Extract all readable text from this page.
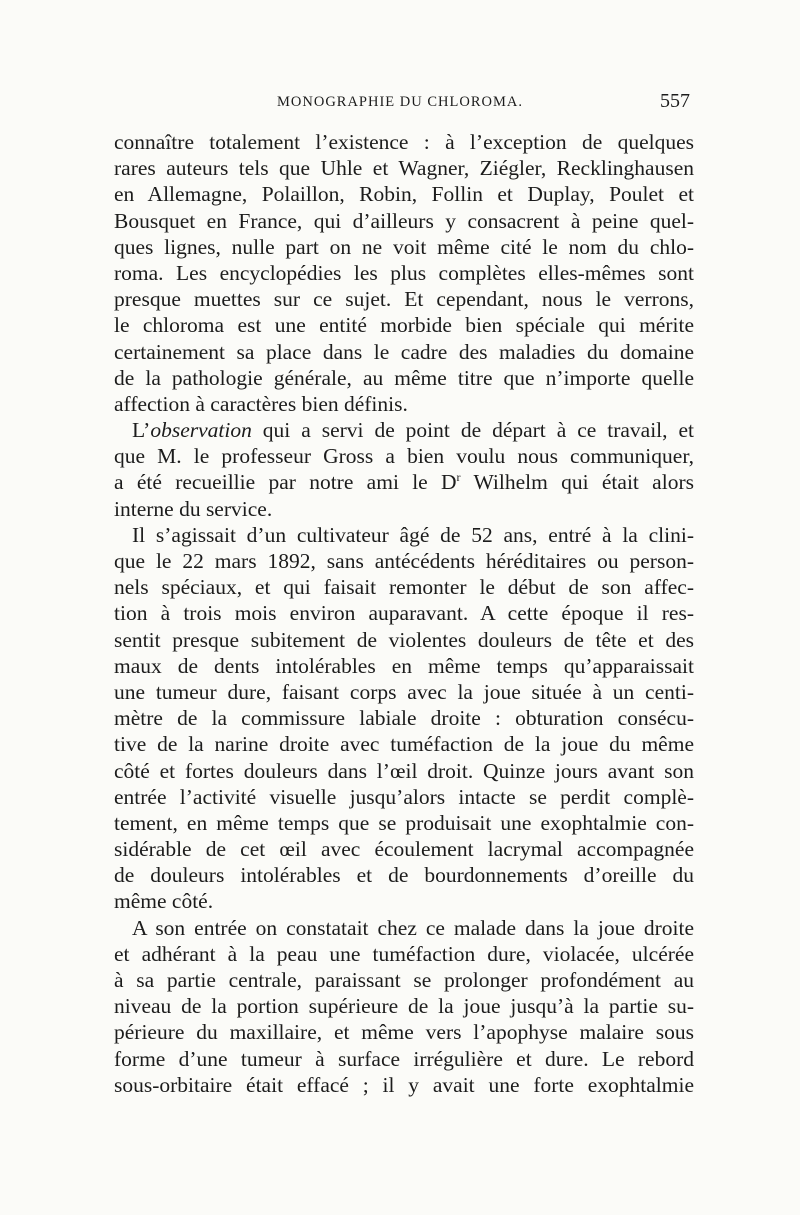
MONOGRAPHIE DU CHLOROMA.	557
connaître totalement l’existence : à l’exception de quelques
rares auteurs tels que Uhle et Wagner, Ziégler, Recklinghausen
en Allemagne, Polaillon, Robin, Follin et Duplay, Poulet et
Bousquet en France, qui d’ailleurs y consacrent à peine quel-
ques lignes, nulle part on ne voit même cité le nom du chlo-
roma. Les encyclopédies les plus complètes elles-mêmes sont
presque muettes sur ce sujet. Et cependant, nous le verrons,
le chloroma est une entité morbide bien spéciale qui mérite
certainement sa place dans le cadre des maladies du domaine
de la pathologie générale, au même titre que n’importe quelle
affection à caractères bien définis.
L’observation qui a servi de point de départ à ce travail, et
que M. le professeur Gross a bien voulu nous communiquer,
a été recueillie par notre ami le $D^r$ Wilhelm qui était alors
interne du service.
Il s’agissait d’un cultivateur âgé de 52 ans, entré à la clini-
que le 22 mars 1892, sans antécédents héréditaires ou person-
nels spéciaux, et qui faisait remonter le début de son affec-
tion à trois mois environ auparavant. A cette époque il res-
sentit presque subitement de violentes douleurs de tête et des
maux de dents intolérables en même temps qu’apparaissait
une tumeur dure, faisant corps avec la joue située à un centi-
mètre de la commissure labiale droite : obturation consécu-
tive de la narine droite avec tuméfaction de la joue du même
côté et fortes douleurs dans l’œil droit. Quinze jours avant son
entrée l’activité visuelle jusqu’alors intacte se perdit complè-
tement, en même temps que se produisait une exophtalmie con-
sidérable de cet œil avec écoulement lacrymal accompagnée
de douleurs intolérables et de bourdonnements d’oreille du
même côté.
A son entrée on constatait chez ce malade dans la joue droite
et adhérant à la peau une tuméfaction dure, violacée, ulcérée
à sa partie centrale, paraissant se prolonger profondément au
niveau de la portion supérieure de la joue jusqu’à la partie su-
périeure du maxillaire, et même vers l’apophyse malaire sous
forme d’une tumeur à surface irrégulière et dure. Le rebord
sous-orbitaire était effacé ; il y avait une forte exophtalmie
